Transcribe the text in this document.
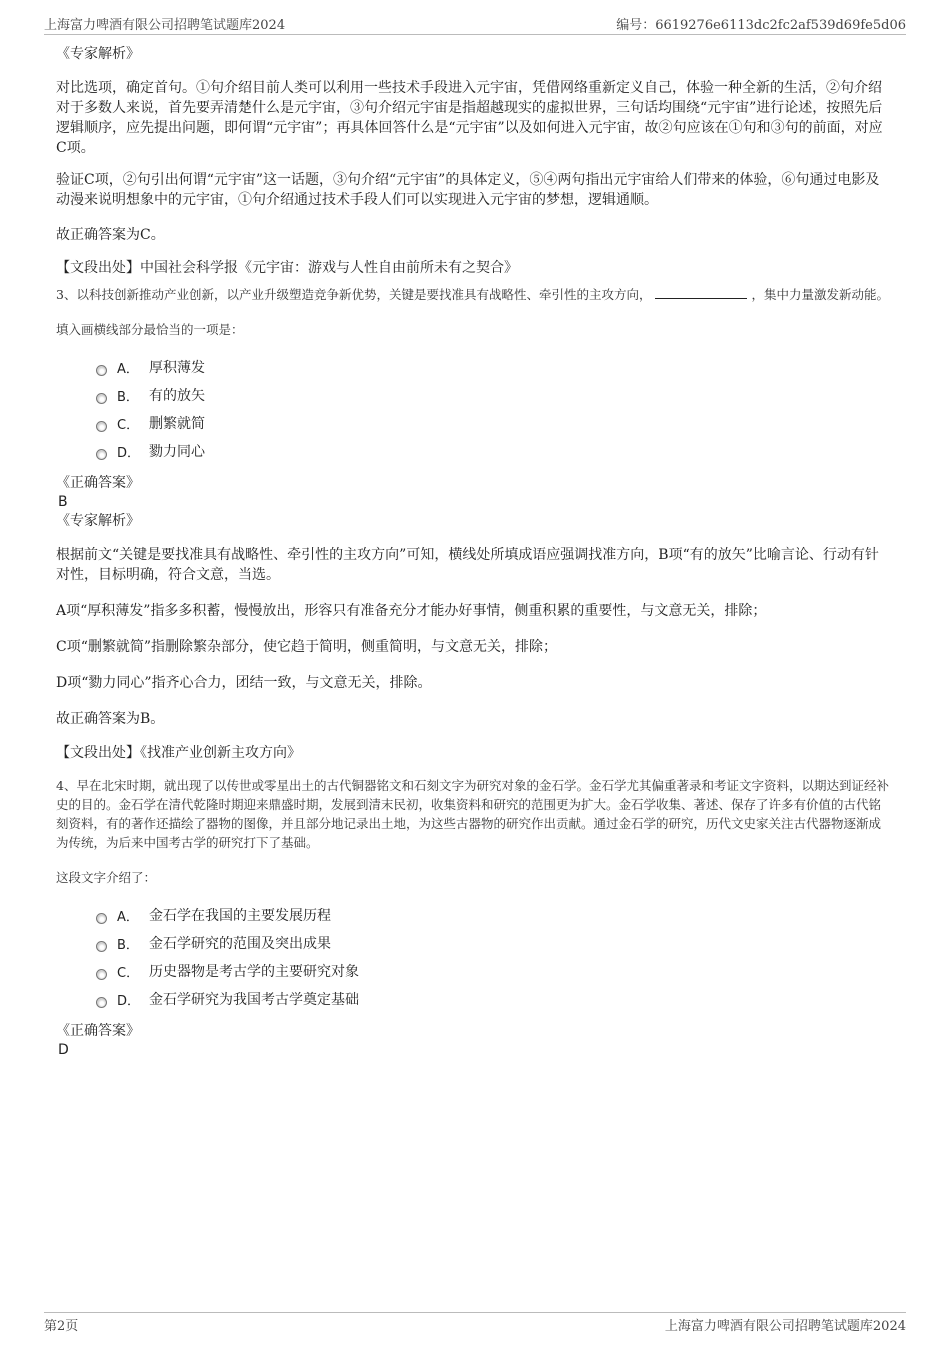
上海富力啤酒有限公司招聘笔试题库2024	编号：6619276e6113dc2fc2af539d69fe5d06

《专家解析》

对比选项，确定首句。①句介绍目前人类可以利用一些技术手段进入元宇宙，凭借网络重新定义自己，体验一种全新的生活，②句介绍对于多数人来说，首先要弄清楚什么是元宇宙，③句介绍元宇宙是指超越现实的虚拟世界，三句话均围绕“元宇宙”进行论述，按照先后逻辑顺序，应先提出问题，即何谓“元宇宙”；再具体回答什么是“元宇宙”以及如何进入元宇宙，故②句应该在①句和③句的前面，对应C项。

验证C项，②句引出何谓“元宇宙”这一话题，③句介绍“元宇宙”的具体定义，⑤④两句指出元宇宙给人们带来的体验，⑥句通过电影及动漫来说明想象中的元宇宙，①句介绍通过技术手段人们可以实现进入元宇宙的梦想，逻辑通顺。

故正确答案为C。

【文段出处】中国社会科学报《元宇宙：游戏与人性自由前所未有之契合》

3、以科技创新推动产业创新，以产业升级塑造竞争新优势，关键是要找准具有战略性、牵引性的主攻方向，	，集中力量激发新动能。

填入画横线部分最恰当的一项是：

A． 厚积薄发
B． 有的放矢
C． 删繁就简
D． 勠力同心

《正确答案》

B

《专家解析》

根据前文“关键是要找准具有战略性、牵引性的主攻方向”可知，横线处所填成语应强调找准方向，B项“有的放矢”比喻言论、行动有针对性，目标明确，符合文意，当选。

A项“厚积薄发”指多多积蓄，慢慢放出，形容只有准备充分才能办好事情，侧重积累的重要性，与文意无关，排除；

C项“删繁就简”指删除繁杂部分，使它趋于简明，侧重简明，与文意无关，排除；

D项“勠力同心”指齐心合力，团结一致，与文意无关，排除。

故正确答案为B。

【文段出处】《找准产业创新主攻方向》

4、早在北宋时期，就出现了以传世或零星出土的古代铜器铭文和石刻文字为研究对象的金石学。金石学尤其偏重著录和考证文字资料，以期达到证经补史的目的。金石学在清代乾隆时期迎来鼎盛时期，发展到清末民初，收集资料和研究的范围更为扩大。金石学收集、著述、保存了许多有价值的古代铭刻资料，有的著作还描绘了器物的图像，并且部分地记录出土地，为这些古器物的研究作出贡献。通过金石学的研究，历代文史家关注古代器物逐渐成为传统，为后来中国考古学的研究打下了基础。

这段文字介绍了：

A． 金石学在我国的主要发展历程
B． 金石学研究的范围及突出成果
C． 历史器物是考古学的主要研究对象
D． 金石学研究为我国考古学奠定基础

《正确答案》

D

第2页	上海富力啤酒有限公司招聘笔试题库2024
